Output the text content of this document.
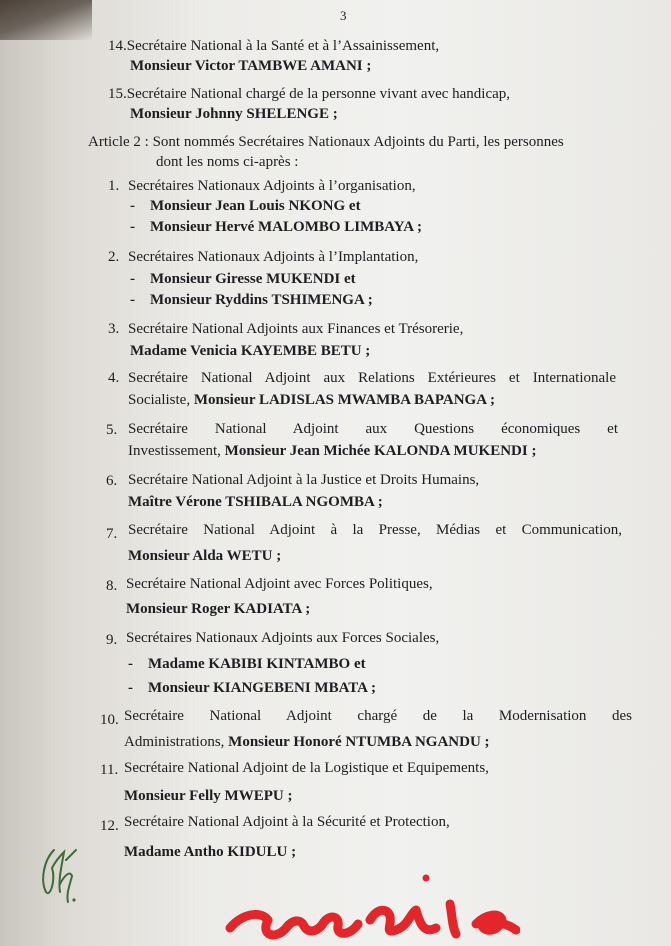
3
14.Secrétaire National à la Santé et à l’Assainissement,
Monsieur Victor TAMBWE AMANI ;
15.Secrétaire National chargé de la personne vivant avec handicap,
Monsieur Johnny SHELENGE ;
Article 2 : Sont nommés Secrétaires Nationaux Adjoints du Parti, les personnes
dont les noms ci-après :
1. Secrétaires Nationaux Adjoints à l’organisation,
- Monsieur Jean Louis NKONG et
- Monsieur Hervé MALOMBO LIMBAYA ;
2. Secrétaires Nationaux Adjoints à l’Implantation,
- Monsieur Giresse MUKENDI et
- Monsieur Ryddins TSHIMENGA ;
3. Secrétaire National Adjoints aux Finances et Trésorerie,
Madame Venicia KAYEMBE BETU ;
4. Secrétaire National Adjoint aux Relations Extérieures et Internationale
Socialiste, Monsieur LADISLAS MWAMBA BAPANGA ;
5. Secrétaire National Adjoint aux Questions économiques et
Investissement, Monsieur Jean Michée KALONDA MUKENDI ;
6. Secrétaire National Adjoint à la Justice et Droits Humains,
Maître Vérone TSHIBALA NGOMBA ;
7. Secrétaire National Adjoint à la Presse, Médias et Communication,
Monsieur Alda WETU ;
8. Secrétaire National Adjoint avec Forces Politiques,
Monsieur Roger KADIATA ;
9. Secrétaires Nationaux Adjoints aux Forces Sociales,
- Madame KABIBI KINTAMBO et
- Monsieur KIANGEBENI MBATA ;
10. Secrétaire National Adjoint chargé de la Modernisation des
Administrations, Monsieur Honoré NTUMBA NGANDU ;
11. Secrétaire National Adjoint de la Logistique et Equipements,
Monsieur Felly MWEPU ;
12. Secrétaire National Adjoint à la Sécurité et Protection,
Madame Antho KIDULU ;
